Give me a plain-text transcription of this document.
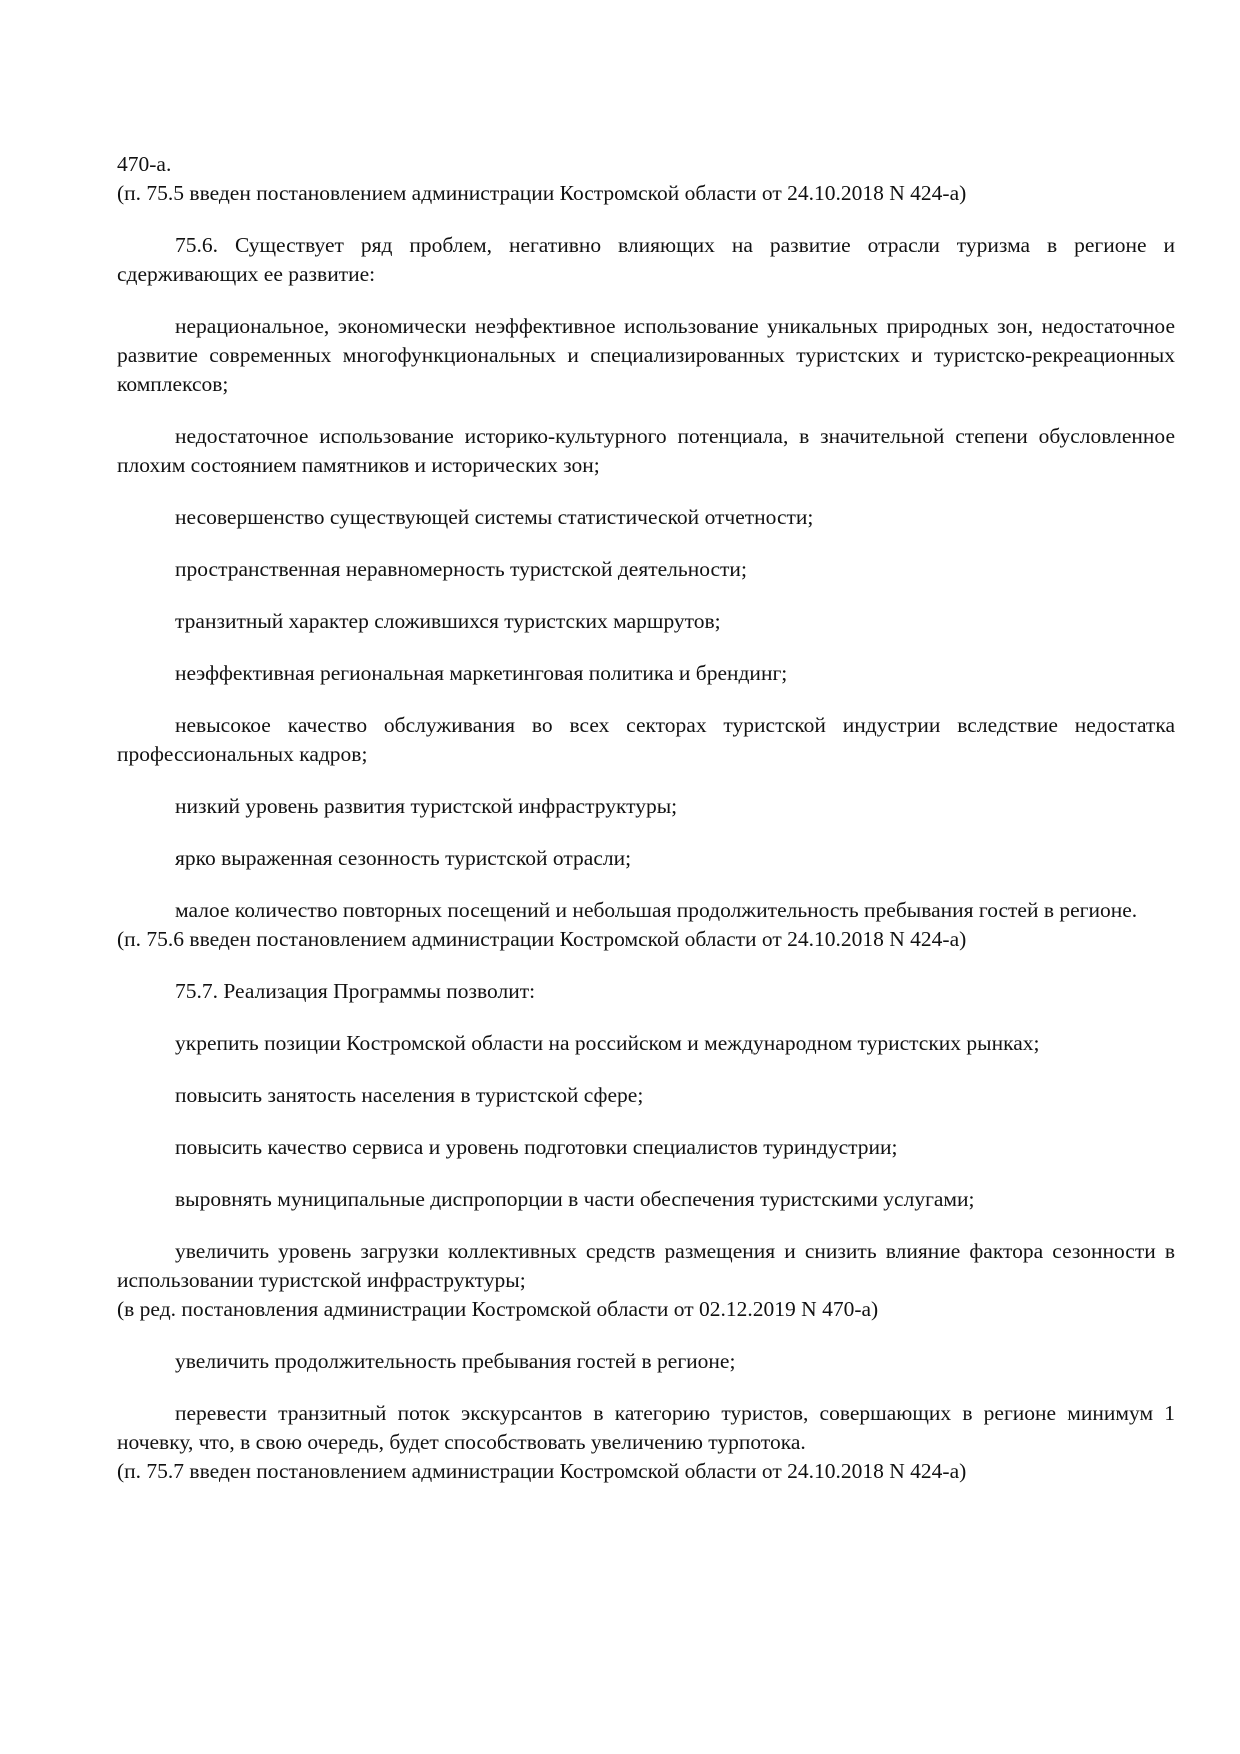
470-а.

(п. 75.5 введен постановлением администрации Костромской области от 24.10.2018 N 424-а)

75.6. Существует ряд проблем, негативно влияющих на развитие отрасли туризма в регионе и сдерживающих ее развитие:

нерациональное, экономически неэффективное использование уникальных природных зон, недостаточное развитие современных многофункциональных и специализированных туристских и туристско-рекреационных комплексов;

недостаточное использование историко-культурного потенциала, в значительной степени обусловленное плохим состоянием памятников и исторических зон;

несовершенство существующей системы статистической отчетности;

пространственная неравномерность туристской деятельности;

транзитный характер сложившихся туристских маршрутов;

неэффективная региональная маркетинговая политика и брендинг;

невысокое качество обслуживания во всех секторах туристской индустрии вследствие недостатка профессиональных кадров;

низкий уровень развития туристской инфраструктуры;

ярко выраженная сезонность туристской отрасли;

малое количество повторных посещений и небольшая продолжительность пребывания гостей в регионе.

(п. 75.6 введен постановлением администрации Костромской области от 24.10.2018 N 424-а)

75.7. Реализация Программы позволит:

укрепить позиции Костромской области на российском и международном туристских рынках;

повысить занятость населения в туристской сфере;

повысить качество сервиса и уровень подготовки специалистов туриндустрии;

выровнять муниципальные диспропорции в части обеспечения туристскими услугами;

увеличить уровень загрузки коллективных средств размещения и снизить влияние фактора сезонности в использовании туристской инфраструктуры;

(в ред. постановления администрации Костромской области от 02.12.2019 N 470-а)

увеличить продолжительность пребывания гостей в регионе;

перевести транзитный поток экскурсантов в категорию туристов, совершающих в регионе минимум 1 ночевку, что, в свою очередь, будет способствовать увеличению турпотока.

(п. 75.7 введен постановлением администрации Костромской области от 24.10.2018 N 424-а)
